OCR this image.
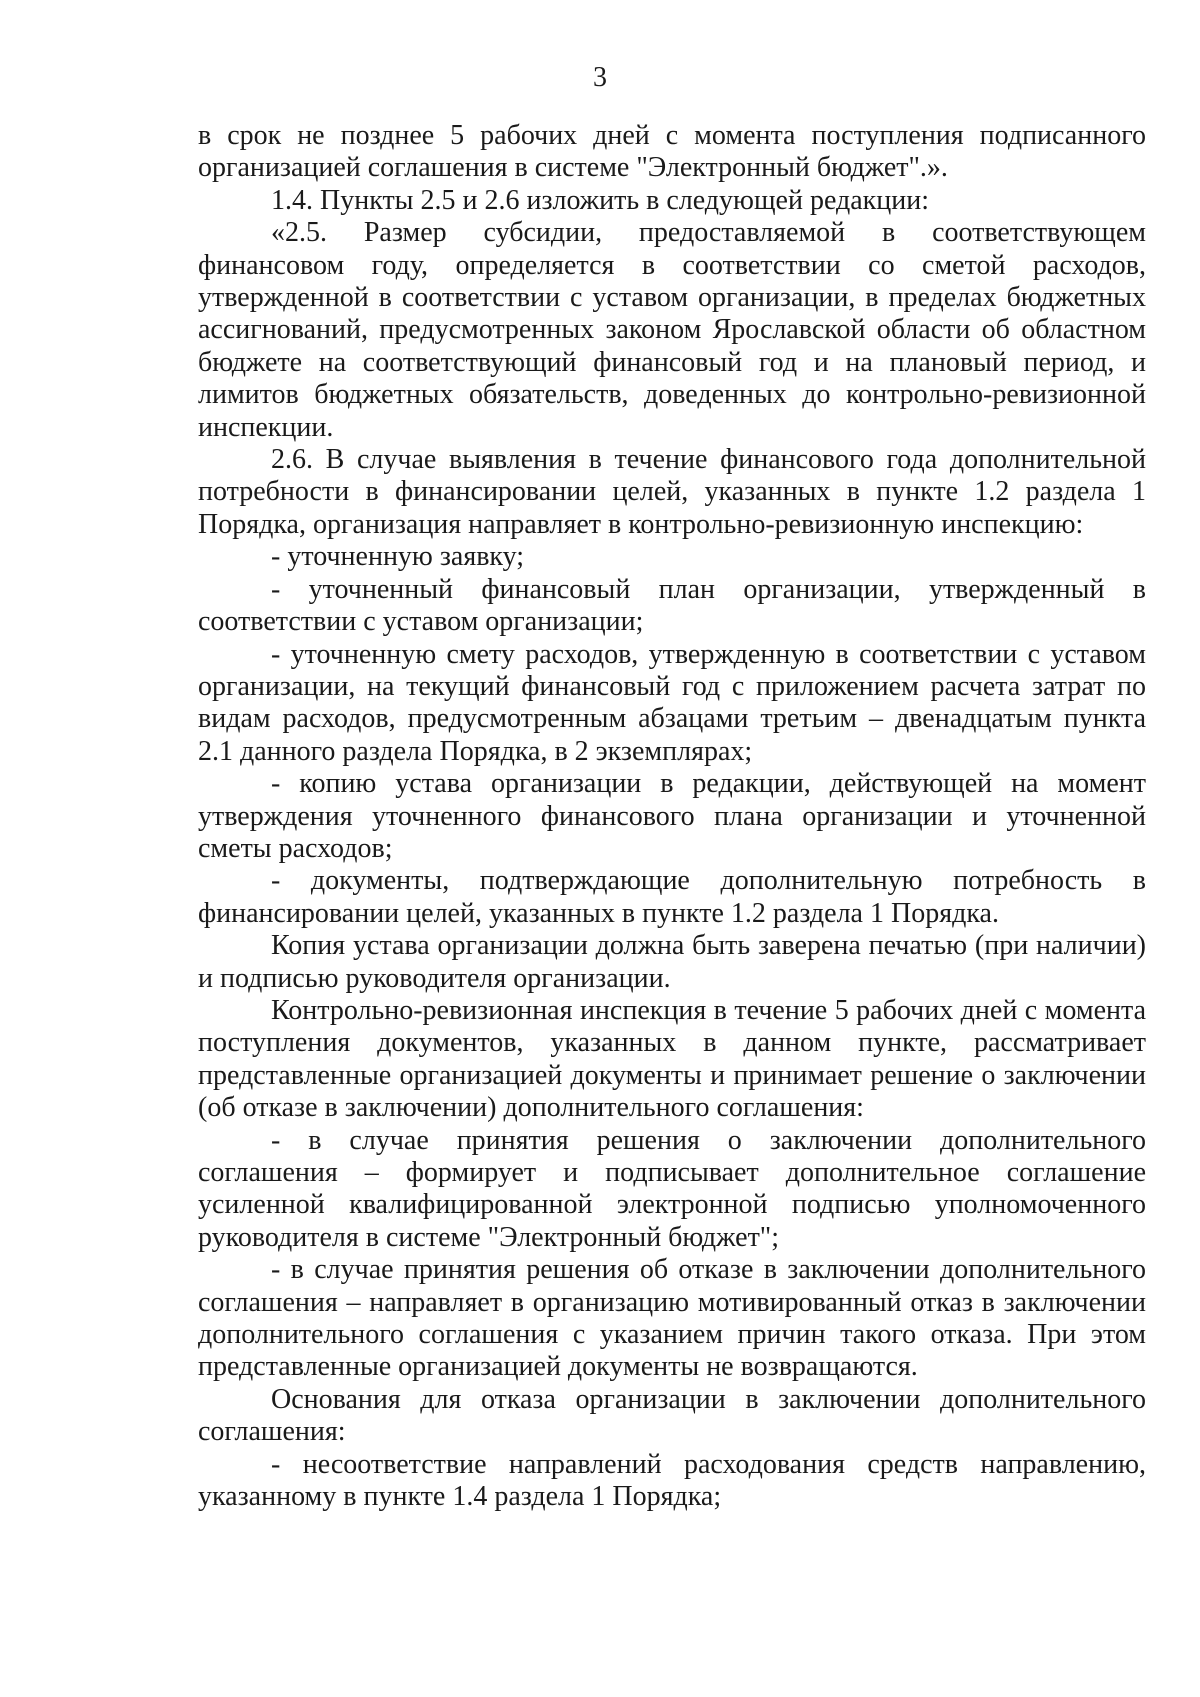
3

в срок не позднее 5 рабочих дней с момента поступления подписанного организацией соглашения в системе "Электронный бюджет".».

1.4. Пункты 2.5 и 2.6 изложить в следующей редакции:

«2.5. Размер субсидии, предоставляемой в соответствующем финансовом году, определяется в соответствии со сметой расходов, утвержденной в соответствии с уставом организации, в пределах бюджетных ассигнований, предусмотренных законом Ярославской области об областном бюджете на соответствующий финансовый год и на плановый период, и лимитов бюджетных обязательств, доведенных до контрольно-ревизионной инспекции.

2.6. В случае выявления в течение финансового года дополнительной потребности в финансировании целей, указанных в пункте 1.2 раздела 1 Порядка, организация направляет в контрольно-ревизионную инспекцию:

- уточненную заявку;

- уточненный финансовый план организации, утвержденный в соответствии с уставом организации;

- уточненную смету расходов, утвержденную в соответствии с уставом организации, на текущий финансовый год с приложением расчета затрат по видам расходов, предусмотренным абзацами третьим – двенадцатым пункта 2.1 данного раздела Порядка, в 2 экземплярах;

- копию устава организации в редакции, действующей на момент утверждения уточненного финансового плана организации и уточненной сметы расходов;

- документы, подтверждающие дополнительную потребность в финансировании целей, указанных в пункте 1.2 раздела 1 Порядка.

Копия устава организации должна быть заверена печатью (при наличии) и подписью руководителя организации.

Контрольно-ревизионная инспекция в течение 5 рабочих дней с момента поступления документов, указанных в данном пункте, рассматривает представленные организацией документы и принимает решение о заключении (об отказе в заключении) дополнительного соглашения:

- в случае принятия решения о заключении дополнительного соглашения – формирует и подписывает дополнительное соглашение усиленной квалифицированной электронной подписью уполномоченного руководителя в системе "Электронный бюджет";

- в случае принятия решения об отказе в заключении дополнительного соглашения – направляет в организацию мотивированный отказ в заключении дополнительного соглашения с указанием причин такого отказа. При этом представленные организацией документы не возвращаются.

Основания для отказа организации в заключении дополнительного соглашения:

- несоответствие направлений расходования средств направлению, указанному в пункте 1.4 раздела 1 Порядка;
